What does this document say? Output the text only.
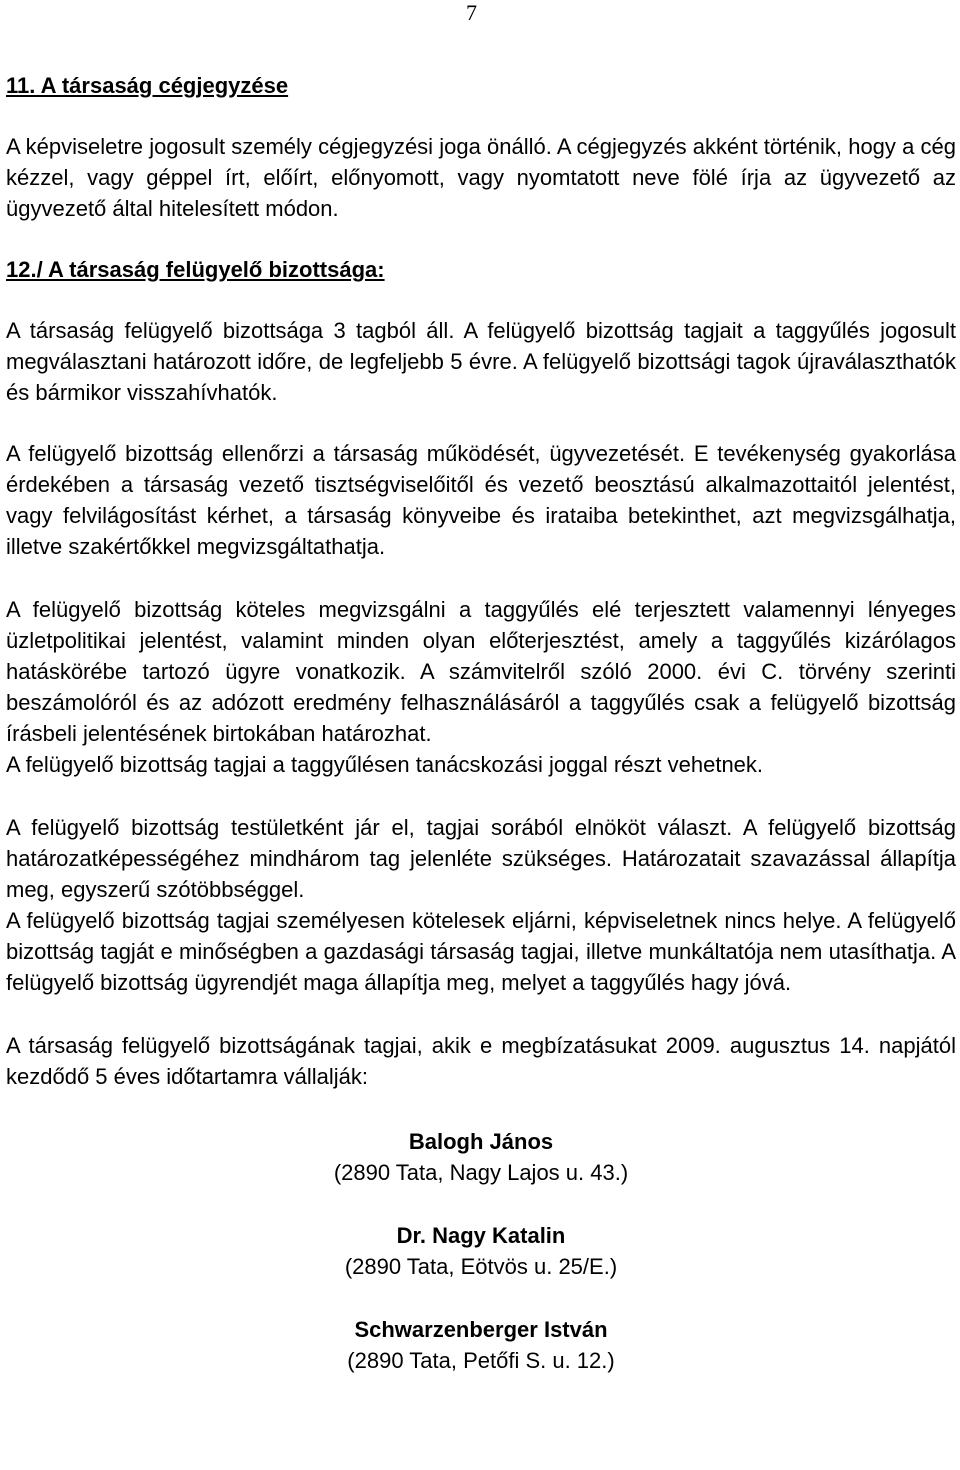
7

11. A társaság cégjegyzése

A képviseletre jogosult személy cégjegyzési joga önálló. A cégjegyzés akként történik, hogy a cég kézzel, vagy géppel írt, előírt, előnyomott, vagy nyomtatott neve fölé írja az ügyvezető az ügyvezető által hitelesített módon.

12./ A társaság felügyelő bizottsága:

A társaság felügyelő bizottsága 3 tagból áll. A felügyelő bizottság tagjait a taggyűlés jogosult megválasztani határozott időre, de legfeljebb 5 évre. A felügyelő bizottsági tagok újraválaszthatók és bármikor visszahívhatók.

A felügyelő bizottság ellenőrzi a társaság működését, ügyvezetését. E tevékenység gyakorlása érdekében a társaság vezető tisztségviselőitől és vezető beosztású alkalmazottaitól jelentést, vagy felvilágosítást kérhet, a társaság könyveibe és irataiba betekinthet, azt megvizsgálhatja, illetve szakértőkkel megvizsgáltathatja.

A felügyelő bizottság köteles megvizsgálni a taggyűlés elé terjesztett valamennyi lényeges üzletpolitikai jelentést, valamint minden olyan előterjesztést, amely a taggyűlés kizárólagos hatáskörébe tartozó ügyre vonatkozik. A számvitelről szóló 2000. évi C. törvény szerinti beszámolóról és az adózott eredmény felhasználásáról a taggyűlés csak a felügyelő bizottság írásbeli jelentésének birtokában határozhat.

A felügyelő bizottság tagjai a taggyűlésen tanácskozási joggal részt vehetnek.

A felügyelő bizottság testületként jár el, tagjai sorából elnököt választ. A felügyelő bizottság határozatképességéhez mindhárom tag jelenléte szükséges. Határozatait szavazással állapítja meg, egyszerű szótöbbséggel.

A felügyelő bizottság tagjai személyesen kötelesek eljárni, képviseletnek nincs helye. A felügyelő bizottság tagját e minőségben a gazdasági társaság tagjai, illetve munkáltatója nem utasíthatja. A felügyelő bizottság ügyrendjét maga állapítja meg, melyet a taggyűlés hagy jóvá.

A társaság felügyelő bizottságának tagjai, akik e megbízatásukat 2009. augusztus 14. napjától kezdődő 5 éves időtartamra vállalják:

Balogh János
(2890 Tata, Nagy Lajos u. 43.)
Dr. Nagy Katalin
(2890 Tata, Eötvös u. 25/E.)
Schwarzenberger István
(2890 Tata, Petőfi S. u. 12.)
